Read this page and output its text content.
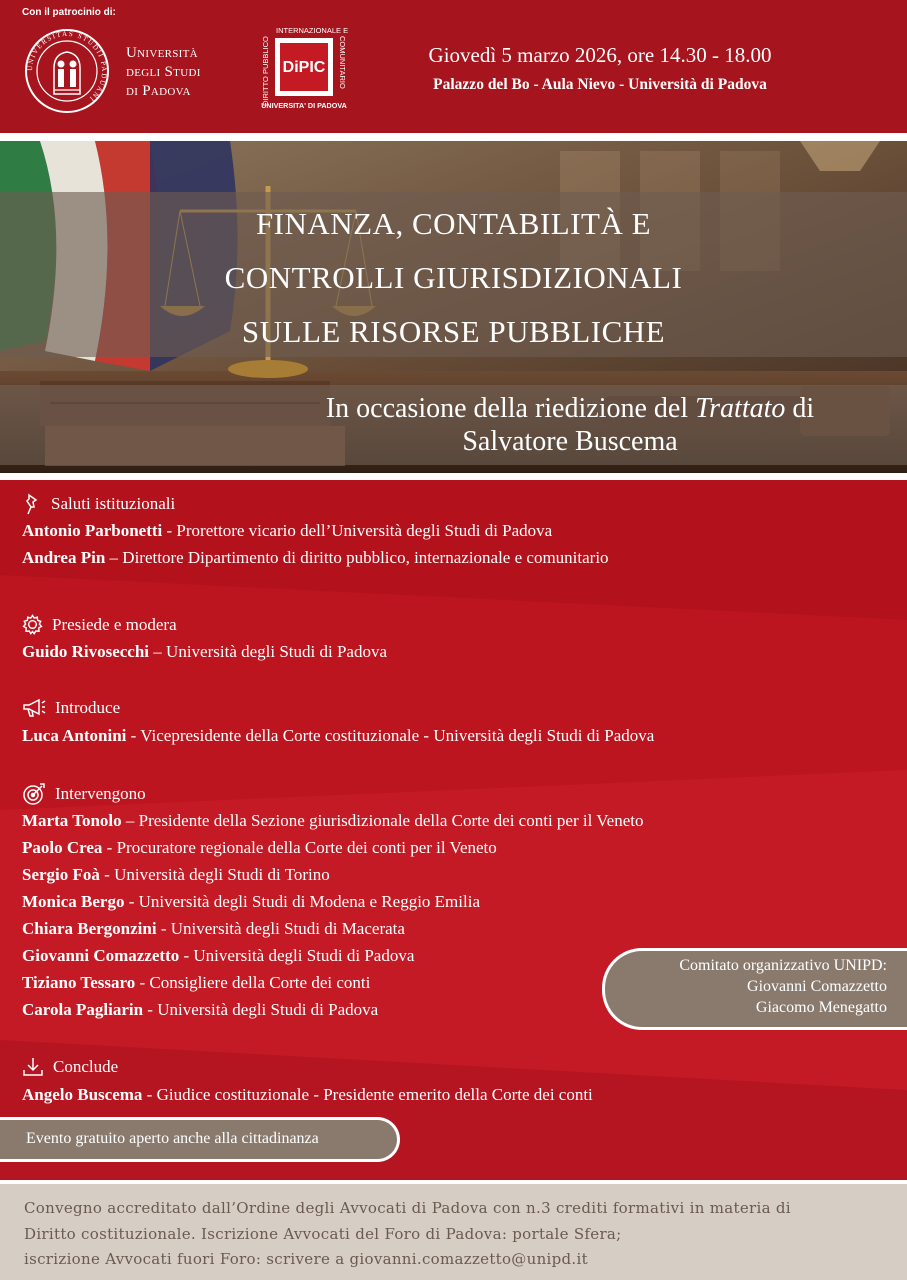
Con il patrocinio di:
UNIVERSITAS STUDII PADUANI
Università
degli Studi
di Padova	DIRITTO PUBBLICO
INTERNAZIONALE E
COMUNITARIO
DiPIC
UNIVERSITA' DI PADOVA
Giovedì 5 marzo 2026, ore 14.30 - 18.00
Palazzo del Bo - Aula Nievo - Università di Padova
FINANZA, CONTABILITÀ E
CONTROLLI GIURISDIZIONALI
SULLE RISORSE PUBBLICHE
In occasione della riedizione del Trattato di
Salvatore Buscema
Saluti istituzionali
Antonio Parbonetti - Prorettore vicario dell’Università degli Studi di Padova
Andrea Pin – Direttore Dipartimento di diritto pubblico, internazionale e comunitario
Presiede e modera
Guido Rivosecchi – Università degli Studi di Padova
Introduce
Luca Antonini - Vicepresidente della Corte costituzionale - Università degli Studi di Padova
Intervengono
Marta Tonolo – Presidente della Sezione giurisdizionale della Corte dei conti per il Veneto
Paolo Crea - Procuratore regionale della Corte dei conti per il Veneto
Sergio Foà - Università degli Studi di Torino
Monica Bergo - Università degli Studi di Modena e Reggio Emilia
Chiara Bergonzini - Università degli Studi di Macerata
Giovanni Comazzetto - Università degli Studi di Padova
Tiziano Tessaro - Consigliere della Corte dei conti
Carola Pagliarin - Università degli Studi di Padova
Comitato organizzativo UNIPD:
Giovanni Comazzetto
Giacomo Menegatto
Conclude
Angelo Buscema - Giudice costituzionale - Presidente emerito della Corte dei conti
Evento gratuito aperto anche alla cittadinanza
Convegno accreditato dall’Ordine degli Avvocati di Padova con n.3 crediti formativi in materia di
Diritto costituzionale. Iscrizione Avvocati del Foro di Padova: portale Sfera;
iscrizione Avvocati fuori Foro: scrivere a giovanni.comazzetto@unipd.it
